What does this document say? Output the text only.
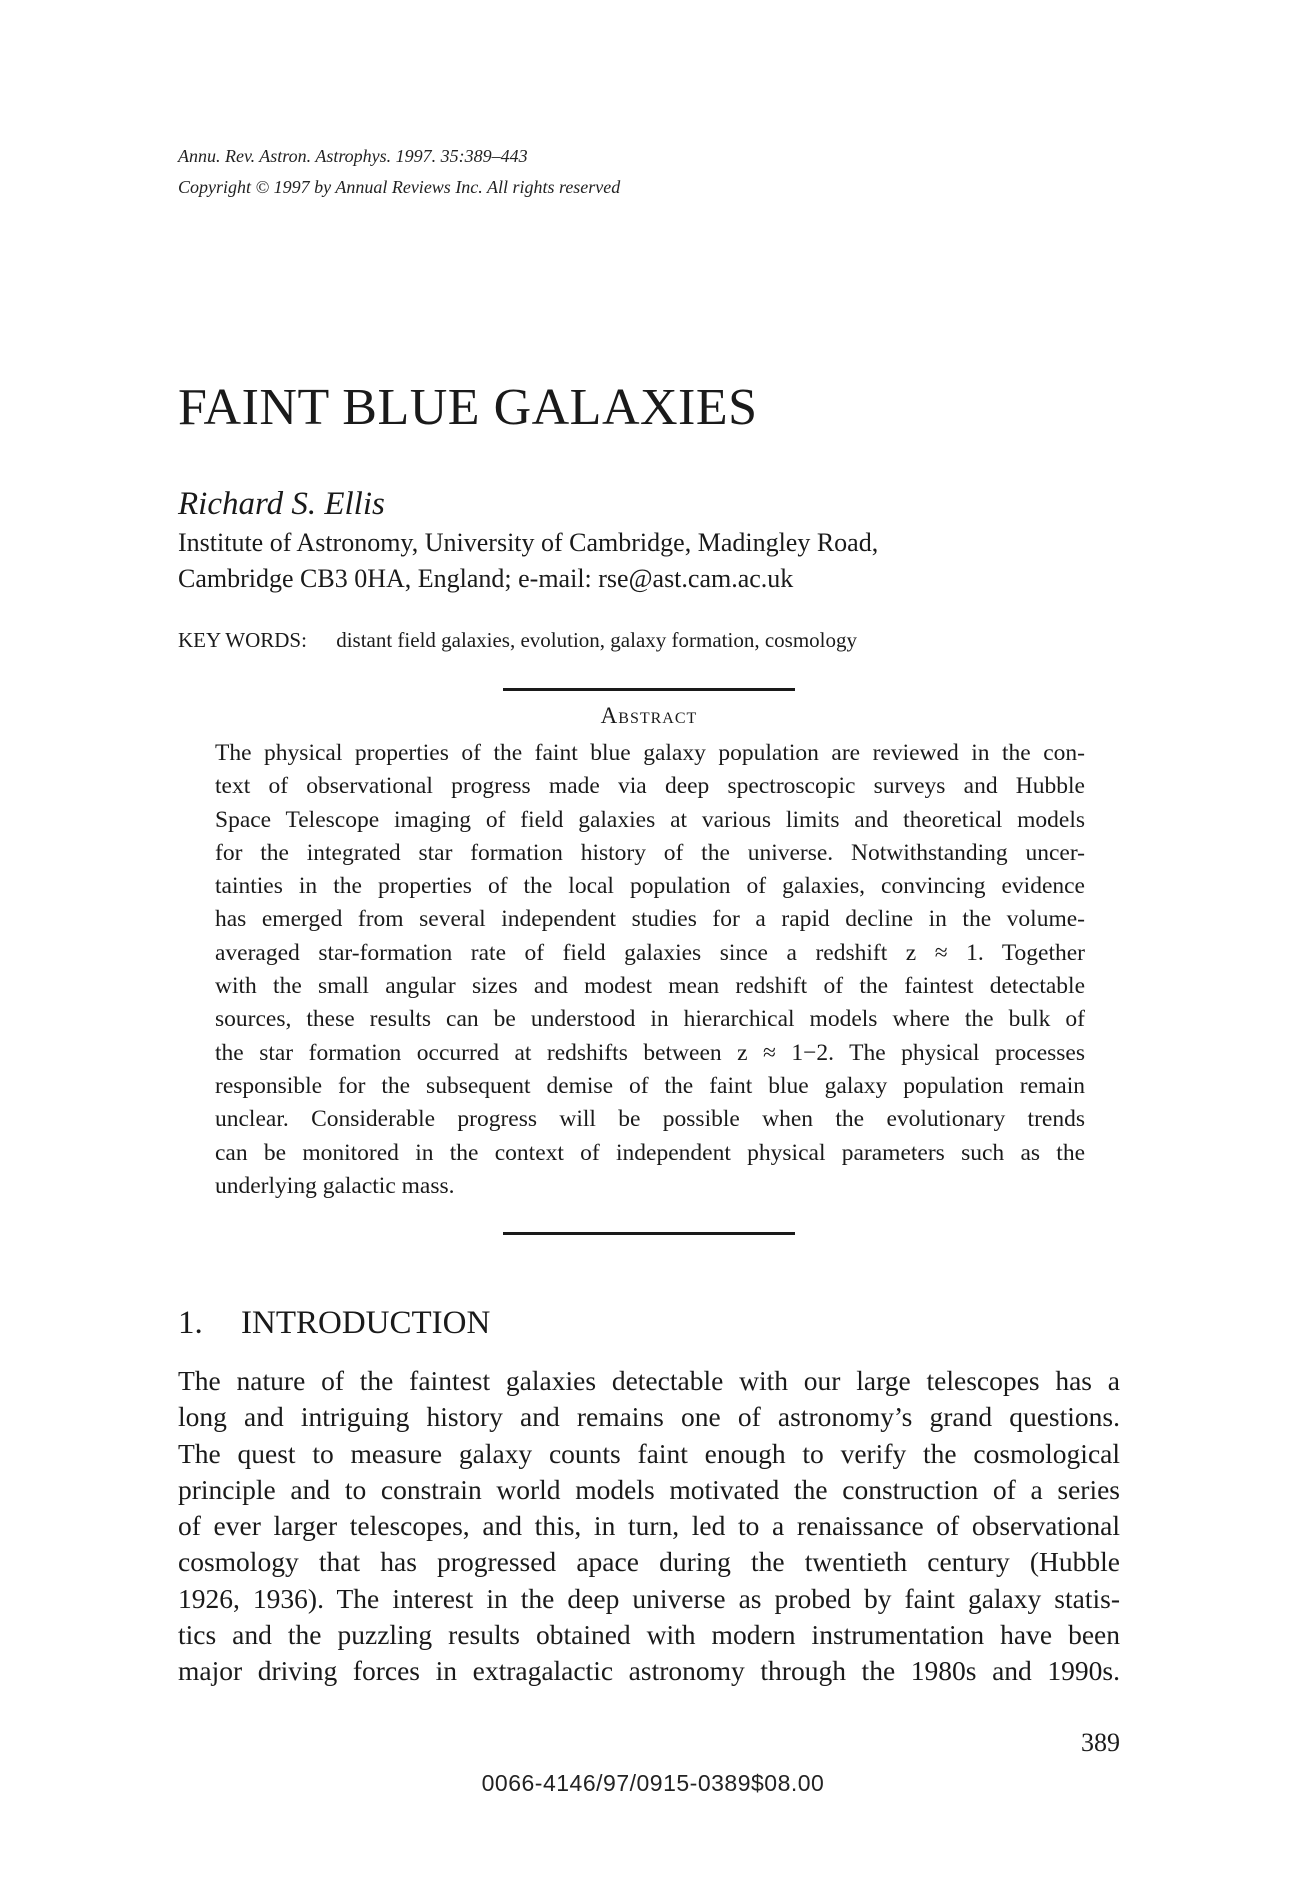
Annu. Rev. Astron. Astrophys. 1997. 35:389–443
Copyright © 1997 by Annual Reviews Inc. All rights reserved
FAINT BLUE GALAXIES
Richard S. Ellis
Institute of Astronomy, University of Cambridge, Madingley Road,
Cambridge CB3 0HA, England; e-mail: rse@ast.cam.ac.uk
KEY WORDS: distant field galaxies, evolution, galaxy formation, cosmology
Abstract
The physical properties of the faint blue galaxy population are reviewed in the con-
text of observational progress made via deep spectroscopic surveys and Hubble
Space Telescope imaging of field galaxies at various limits and theoretical models
for the integrated star formation history of the universe. Notwithstanding uncer-
tainties in the properties of the local population of galaxies, convincing evidence
has emerged from several independent studies for a rapid decline in the volume-
averaged star-formation rate of field galaxies since a redshift z ≈ 1. Together
with the small angular sizes and modest mean redshift of the faintest detectable
sources, these results can be understood in hierarchical models where the bulk of
the star formation occurred at redshifts between z ≈ 1−2. The physical processes
responsible for the subsequent demise of the faint blue galaxy population remain
unclear. Considerable progress will be possible when the evolutionary trends
can be monitored in the context of independent physical parameters such as the
underlying galactic mass.
1. INTRODUCTION
The nature of the faintest galaxies detectable with our large telescopes has a
long and intriguing history and remains one of astronomy’s grand questions.
The quest to measure galaxy counts faint enough to verify the cosmological
principle and to constrain world models motivated the construction of a series
of ever larger telescopes, and this, in turn, led to a renaissance of observational
cosmology that has progressed apace during the twentieth century (Hubble
1926, 1936). The interest in the deep universe as probed by faint galaxy statis-
tics and the puzzling results obtained with modern instrumentation have been
major driving forces in extragalactic astronomy through the 1980s and 1990s.
389
0066-4146/97/0915-0389$08.00
